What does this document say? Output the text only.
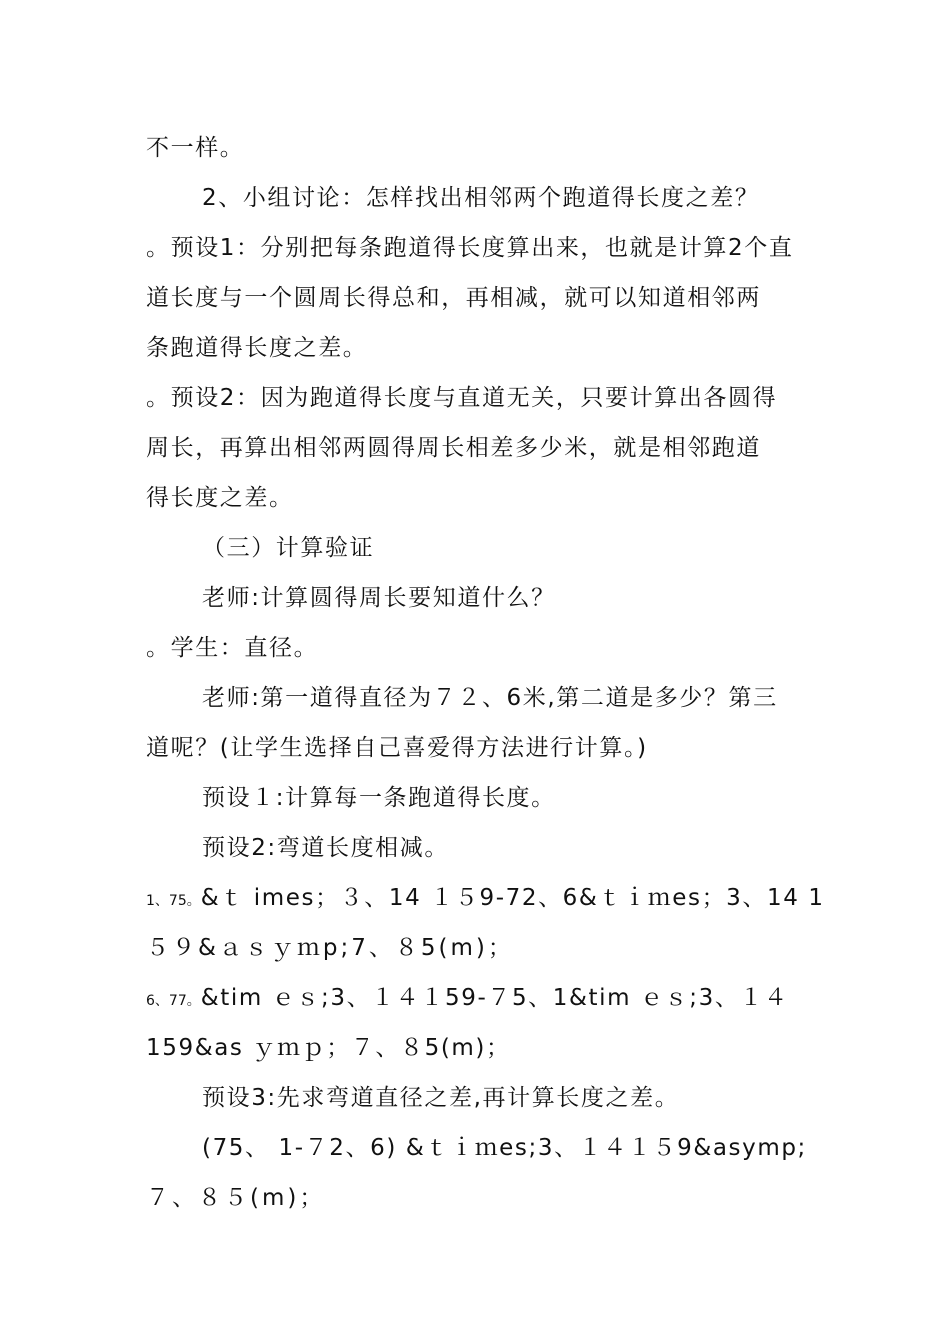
不一样。
2、小组讨论：怎样找出相邻两个跑道得长度之差？
。预设1：分别把每条跑道得长度算出来，也就是计算2个直
道长度与一个圆周长得总和，再相减，就可以知道相邻两
条跑道得长度之差。
。预设2：因为跑道得长度与直道无关，只要计算出各圆得
周长，再算出相邻两圆得周长相差多少米，就是相邻跑道
得长度之差。
（三）计算验证
老师:计算圆得周长要知道什么？
。学生：直径。
老师:第一道得直径为７２、6米,第二道是多少？第三
道呢？(让学生选择自己喜爱得方法进行计算。)
预设１:计算每一条跑道得长度。
预设2:弯道长度相减。
1、75。&ｔ imes；３、14 １５9-72、6&ｔｉｍes；3、14 1
５９&ａｓｙｍp;7、８5(m)；
6、77。&tim ｅｓ;3、１４１59-７5、1&tim ｅｓ;3、１４
159&as ｙｍｐ；７、８5(m)；
预设3:先求弯道直径之差,再计算长度之差。
(75、 1-７2、6) &ｔｉｍes;3、１４１５9&asymp;
７、８５(m)；
